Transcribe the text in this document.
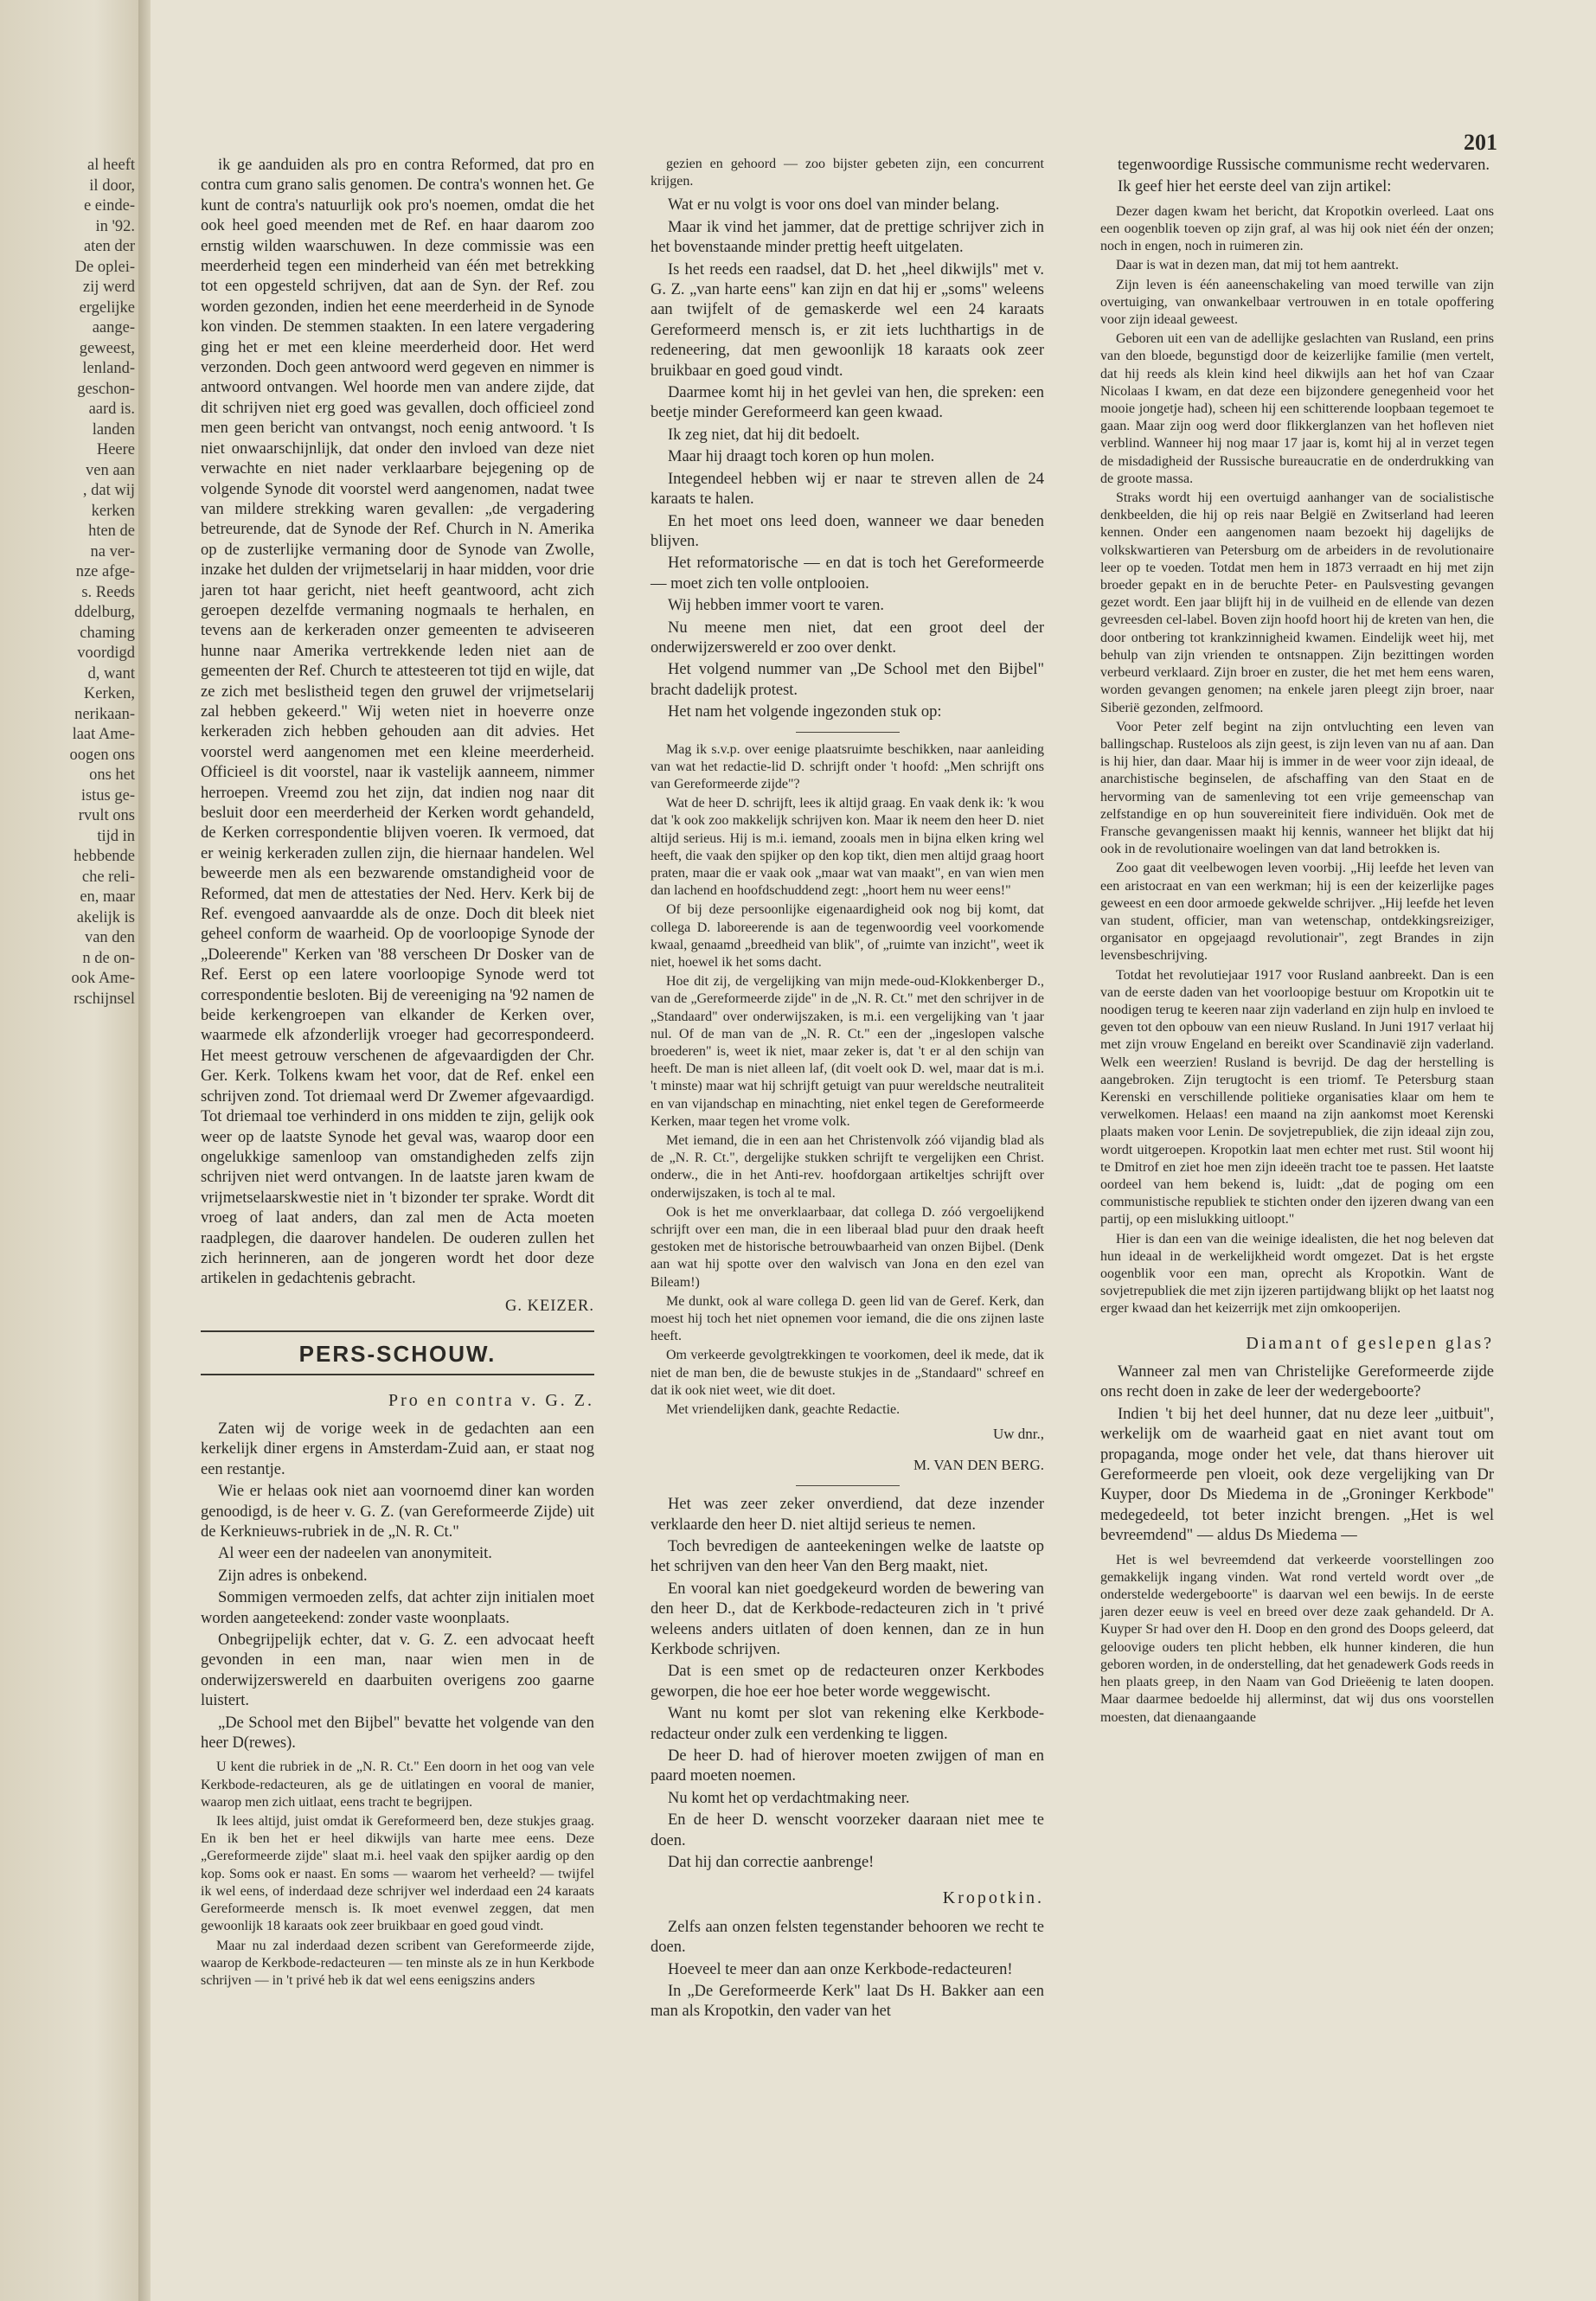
al heeft
il door,
e einde-
in '92.
aten der
De oplei-
zij werd
ergelijke
aange-
geweest,
lenland-
geschon-
aard is.
landen
Heere
ven aan
, dat wij
kerken
hten de
na ver-
nze afge-
s. Reeds
ddelburg,
chaming
voordigd
d, want
Kerken,
nerikaan-
laat Ame-
oogen ons
ons het
istus ge-
rvult ons
tijd in
hebbende
che reli-
en, maar
akelijk is
van den
n de on-
ook Ame-
rschijnsel
201

ik ge aanduiden als pro en contra Reformed, dat pro en contra cum grano salis genomen. De contra's wonnen het. Ge kunt de contra's natuurlijk ook pro's noemen, omdat die het ook heel goed meenden met de Ref. en haar daarom zoo ernstig wilden waarschuwen. In deze commissie was een meerderheid tegen een minderheid van één met betrekking tot een opgesteld schrijven, dat aan de Syn. der Ref. zou worden gezonden, indien het eene meerderheid in de Synode kon vinden. De stemmen staakten. In een latere vergadering ging het er met een kleine meerderheid door. Het werd verzonden. Doch geen antwoord werd gegeven en nimmer is antwoord ontvangen. Wel hoorde men van andere zijde, dat dit schrijven niet erg goed was gevallen, doch officieel zond men geen bericht van ontvangst, noch eenig antwoord. 't Is niet onwaarschijnlijk, dat onder den invloed van deze niet verwachte en niet nader verklaarbare bejegening op de volgende Synode dit voorstel werd aangenomen, nadat twee van mildere strekking waren gevallen: „de vergadering betreurende, dat de Synode der Ref. Church in N. Amerika op de zusterlijke vermaning door de Synode van Zwolle, inzake het dulden der vrijmetselarij in haar midden, voor drie jaren tot haar gericht, niet heeft geantwoord, acht zich geroepen dezelfde vermaning nogmaals te herhalen, en tevens aan de kerkeraden onzer gemeenten te adviseeren hunne naar Amerika vertrekkende leden niet aan de gemeenten der Ref. Church te attesteeren tot tijd en wijle, dat ze zich met beslistheid tegen den gruwel der vrijmetselarij zal hebben gekeerd." Wij weten niet in hoeverre onze kerkeraden zich hebben gehouden aan dit advies. Het voorstel werd aangenomen met een kleine meerderheid. Officieel is dit voorstel, naar ik vastelijk aanneem, nimmer herroepen. Vreemd zou het zijn, dat indien nog naar dit besluit door een meerderheid der Kerken wordt gehandeld, de Kerken correspondentie blijven voeren. Ik vermoed, dat er weinig kerkeraden zullen zijn, die hiernaar handelen. Wel beweerde men als een bezwarende omstandigheid voor de Reformed, dat men de attestaties der Ned. Herv. Kerk bij de Ref. evengoed aanvaardde als de onze. Doch dit bleek niet geheel conform de waarheid. Op de voorloopige Synode der „Doleerende" Kerken van '88 verscheen Dr Dosker van de Ref. Eerst op een latere voorloopige Synode werd tot correspondentie besloten. Bij de vereeniging na '92 namen de beide kerkengroepen van elkander de Kerken over, waarmede elk afzonderlijk vroeger had gecorrespondeerd. Het meest getrouw verschenen de afgevaardigden der Chr. Ger. Kerk. Tolkens kwam het voor, dat de Ref. enkel een schrijven zond. Tot driemaal werd Dr Zwemer afgevaardigd. Tot driemaal toe verhinderd in ons midden te zijn, gelijk ook weer op de laatste Synode het geval was, waarop door een ongelukkige samenloop van omstandigheden zelfs zijn schrijven niet werd ontvangen. In de laatste jaren kwam de vrijmetselaarskwestie niet in 't bizonder ter sprake. Wordt dit vroeg of laat anders, dan zal men de Acta moeten raadplegen, die daarover handelen. De ouderen zullen het zich herinneren, aan de jongeren wordt het door deze artikelen in gedachtenis gebracht.

G. KEIZER.
PERS-SCHOUW.
Pro en contra v. G. Z.

Zaten wij de vorige week in de gedachten aan een kerkelijk diner ergens in Amsterdam-Zuid aan, er staat nog een restantje.

Wie er helaas ook niet aan voornoemd diner kan worden genoodigd, is de heer v. G. Z. (van Gereformeerde Zijde) uit de Kerknieuws-rubriek in de „N. R. Ct."

Al weer een der nadeelen van anonymiteit.

Zijn adres is onbekend.

Sommigen vermoeden zelfs, dat achter zijn initialen moet worden aangeteekend: zonder vaste woonplaats.

Onbegrijpelijk echter, dat v. G. Z. een advocaat heeft gevonden in een man, naar wien men in de onderwijzerswereld en daarbuiten overigens zoo gaarne luistert.

„De School met den Bijbel" bevatte het volgende van den heer D(rewes).

U kent die rubriek in de „N. R. Ct." Een doorn in het oog van vele Kerkbode-redacteuren, als ge de uitlatingen en vooral de manier, waarop men zich uitlaat, eens tracht te begrijpen.

Ik lees altijd, juist omdat ik Gereformeerd ben, deze stukjes graag. En ik ben het er heel dikwijls van harte mee eens. Deze „Gereformeerde zijde" slaat m.i. heel vaak den spijker aardig op den kop. Soms ook er naast. En soms — waarom het verheeld? — twijfel ik wel eens, of inderdaad deze schrijver wel inderdaad een 24 karaats Gereformeerde mensch is. Ik moet evenwel zeggen, dat men gewoonlijk 18 karaats ook zeer bruikbaar en goed goud vindt.

Maar nu zal inderdaad dezen scribent van Gereformeerde zijde, waarop de Kerkbode-redacteuren — ten minste als ze in hun Kerkbode schrijven — in 't privé heb ik dat wel eens eenigszins anders

gezien en gehoord — zoo bijster gebeten zijn, een concurrent krijgen.

Wat er nu volgt is voor ons doel van minder belang.

Maar ik vind het jammer, dat de prettige schrijver zich in het bovenstaande minder prettig heeft uitgelaten.

Is het reeds een raadsel, dat D. het „heel dikwijls" met v. G. Z. „van harte eens" kan zijn en dat hij er „soms" weleens aan twijfelt of de gemaskerde wel een 24 karaats Gereformeerd mensch is, er zit iets luchthartigs in de redeneering, dat men gewoonlijk 18 karaats ook zeer bruikbaar en goed goud vindt.

Daarmee komt hij in het gevlei van hen, die spreken: een beetje minder Gereformeerd kan geen kwaad.

Ik zeg niet, dat hij dit bedoelt.

Maar hij draagt toch koren op hun molen.

Integendeel hebben wij er naar te streven allen de 24 karaats te halen.

En het moet ons leed doen, wanneer we daar beneden blijven.

Het reformatorische — en dat is toch het Gereformeerde — moet zich ten volle ontplooien.

Wij hebben immer voort te varen.

Nu meene men niet, dat een groot deel der onderwijzerswereld er zoo over denkt.

Het volgend nummer van „De School met den Bijbel" bracht dadelijk protest.

Het nam het volgende ingezonden stuk op:

Mag ik s.v.p. over eenige plaatsruimte beschikken, naar aanleiding van wat het redactie-lid D. schrijft onder 't hoofd: „Men schrijft ons van Gereformeerde zijde"?

Wat de heer D. schrijft, lees ik altijd graag. En vaak denk ik: 'k wou dat 'k ook zoo makkelijk schrijven kon. Maar ik neem den heer D. niet altijd serieus. Hij is m.i. iemand, zooals men in bijna elken kring wel heeft, die vaak den spijker op den kop tikt, dien men altijd graag hoort praten, maar die er vaak ook „maar wat van maakt", en van wien men dan lachend en hoofdschuddend zegt: „hoort hem nu weer eens!"

Of bij deze persoonlijke eigenaardigheid ook nog bij komt, dat collega D. laboreerende is aan de tegenwoordig veel voorkomende kwaal, genaamd „breedheid van blik", of „ruimte van inzicht", weet ik niet, hoewel ik het soms dacht.

Hoe dit zij, de vergelijking van mijn mede-oud-Klokkenberger D., van de „Gereformeerde zijde" in de „N. R. Ct." met den schrijver in de „Standaard" over onderwijszaken, is m.i. een vergelijking van 't jaar nul. Of de man van de „N. R. Ct." een der „ingeslopen valsche broederen" is, weet ik niet, maar zeker is, dat 't er al den schijn van heeft. De man is niet alleen laf, (dit voelt ook D. wel, maar dat is m.i. 't minste) maar wat hij schrijft getuigt van puur wereldsche neutraliteit en van vijandschap en minachting, niet enkel tegen de Gereformeerde Kerken, maar tegen het vrome volk.

Met iemand, die in een aan het Christenvolk zóó vijandig blad als de „N. R. Ct.", dergelijke stukken schrijft te vergelijken een Christ. onderw., die in het Anti-rev. hoofdorgaan artikeltjes schrijft over onderwijszaken, is toch al te mal.

Ook is het me onverklaarbaar, dat collega D. zóó vergoelijkend schrijft over een man, die in een liberaal blad puur den draak heeft gestoken met de historische betrouwbaarheid van onzen Bijbel. (Denk aan wat hij spotte over den walvisch van Jona en den ezel van Bileam!)

Me dunkt, ook al ware collega D. geen lid van de Geref. Kerk, dan moest hij toch het niet opnemen voor iemand, die die ons zijnen laste heeft.

Om verkeerde gevolgtrekkingen te voorkomen, deel ik mede, dat ik niet de man ben, die de bewuste stukjes in de „Standaard" schreef en dat ik ook niet weet, wie dit doet.

Met vriendelijken dank, geachte Redactie.

Uw dnr.,
M. VAN DEN BERG.

Het was zeer zeker onverdiend, dat deze inzender verklaarde den heer D. niet altijd serieus te nemen.

Toch bevredigen de aanteekeningen welke de laatste op het schrijven van den heer Van den Berg maakt, niet.

En vooral kan niet goedgekeurd worden de bewering van den heer D., dat de Kerkbode-redacteuren zich in 't privé weleens anders uitlaten of doen kennen, dan ze in hun Kerkbode schrijven.

Dat is een smet op de redacteuren onzer Kerkbodes geworpen, die hoe eer hoe beter worde weggewischt.

Want nu komt per slot van rekening elke Kerkbode-redacteur onder zulk een verdenking te liggen.

De heer D. had of hierover moeten zwijgen of man en paard moeten noemen.

Nu komt het op verdachtmaking neer.

En de heer D. wenscht voorzeker daaraan niet mee te doen.

Dat hij dan correctie aanbrenge!

Kropotkin.

Zelfs aan onzen felsten tegenstander behooren we recht te doen.

Hoeveel te meer dan aan onze Kerkbode-redacteuren!

In „De Gereformeerde Kerk" laat Ds H. Bakker aan een man als Kropotkin, den vader van het

tegenwoordige Russische communisme recht wedervaren.

Ik geef hier het eerste deel van zijn artikel:

Dezer dagen kwam het bericht, dat Kropotkin overleed. Laat ons een oogenblik toeven op zijn graf, al was hij ook niet één der onzen; noch in engen, noch in ruimeren zin.

Daar is wat in dezen man, dat mij tot hem aantrekt.

Zijn leven is één aaneenschakeling van moed terwille van zijn overtuiging, van onwankelbaar vertrouwen in en totale opoffering voor zijn ideaal geweest.

Geboren uit een van de adellijke geslachten van Rusland, een prins van den bloede, begunstigd door de keizerlijke familie (men vertelt, dat hij reeds als klein kind heel dikwijls aan het hof van Czaar Nicolaas I kwam, en dat deze een bijzondere genegenheid voor het mooie jongetje had), scheen hij een schitterende loopbaan tegemoet te gaan. Maar zijn oog werd door flikkerglanzen van het hofleven niet verblind. Wanneer hij nog maar 17 jaar is, komt hij al in verzet tegen de misdadigheid der Russische bureaucratie en de onderdrukking van de groote massa.

Straks wordt hij een overtuigd aanhanger van de socialistische denkbeelden, die hij op reis naar België en Zwitserland had leeren kennen. Onder een aangenomen naam bezoekt hij dagelijks de volkskwartieren van Petersburg om de arbeiders in de revolutionaire leer op te voeden. Totdat men hem in 1873 verraadt en hij met zijn broeder gepakt en in de beruchte Peter- en Paulsvesting gevangen gezet wordt. Een jaar blijft hij in de vuilheid en de ellende van dezen gevreesden cel-label. Boven zijn hoofd hoort hij de kreten van hen, die door ontbering tot krankzinnigheid kwamen. Eindelijk weet hij, met behulp van zijn vrienden te ontsnappen. Zijn bezittingen worden verbeurd verklaard. Zijn broer en zuster, die het met hem eens waren, worden gevangen genomen; na enkele jaren pleegt zijn broer, naar Siberië gezonden, zelfmoord.

Voor Peter zelf begint na zijn ontvluchting een leven van ballingschap. Rusteloos als zijn geest, is zijn leven van nu af aan. Dan is hij hier, dan daar. Maar hij is immer in de weer voor zijn ideaal, de anarchistische beginselen, de afschaffing van den Staat en de hervorming van de samenleving tot een vrije gemeenschap van zelfstandige en op hun souvereiniteit fiere individuën. Ook met de Fransche gevangenissen maakt hij kennis, wanneer het blijkt dat hij ook in de revolutionaire woelingen van dat land betrokken is.

Zoo gaat dit veelbewogen leven voorbij. „Hij leefde het leven van een aristocraat en van een werkman; hij is een der keizerlijke pages geweest en een door armoede gekwelde schrijver. „Hij leefde het leven van student, officier, man van wetenschap, ontdekkingsreiziger, organisator en opgejaagd revolutionair", zegt Brandes in zijn levensbeschrijving.

Totdat het revolutiejaar 1917 voor Rusland aanbreekt. Dan is een van de eerste daden van het voorloopige bestuur om Kropotkin uit te noodigen terug te keeren naar zijn vaderland en zijn hulp en invloed te geven tot den opbouw van een nieuw Rusland. In Juni 1917 verlaat hij met zijn vrouw Engeland en bereikt over Scandinavië zijn vaderland. Welk een weerzien! Rusland is bevrijd. De dag der herstelling is aangebroken. Zijn terugtocht is een triomf. Te Petersburg staan Kerenski en verschillende politieke organisaties klaar om hem te verwelkomen. Helaas! een maand na zijn aankomst moet Kerenski plaats maken voor Lenin. De sovjetrepubliek, die zijn ideaal zijn zou, wordt uitgeroepen. Kropotkin laat men echter met rust. Stil woont hij te Dmitrof en ziet hoe men zijn ideeën tracht toe te passen. Het laatste oordeel van hem bekend is, luidt: „dat de poging om een communistische republiek te stichten onder den ijzeren dwang van een partij, op een mislukking uitloopt."

Hier is dan een van die weinige idealisten, die het nog beleven dat hun ideaal in de werkelijkheid wordt omgezet. Dat is het ergste oogenblik voor een man, oprecht als Kropotkin. Want de sovjetrepubliek die met zijn ijzeren partijdwang blijkt op het laatst nog erger kwaad dan het keizerrijk met zijn omkooperijen.

Diamant of geslepen glas?

Wanneer zal men van Christelijke Gereformeerde zijde ons recht doen in zake de leer der wedergeboorte?

Indien 't bij het deel hunner, dat nu deze leer „uitbuit", werkelijk om de waarheid gaat en niet avant tout om propaganda, moge onder het vele, dat thans hierover uit Gereformeerde pen vloeit, ook deze vergelijking van Dr Kuyper, door Ds Miedema in de „Groninger Kerkbode" medegedeeld, tot beter inzicht brengen. „Het is wel bevreemdend" — aldus Ds Miedema —

Het is wel bevreemdend dat verkeerde voorstellingen zoo gemakkelijk ingang vinden. Wat rond verteld wordt over „de onderstelde wedergeboorte" is daarvan wel een bewijs. In de eerste jaren dezer eeuw is veel en breed over deze zaak gehandeld. Dr A. Kuyper Sr had over den H. Doop en den grond des Doops geleerd, dat geloovige ouders ten plicht hebben, elk hunner kinderen, die hun geboren worden, in de onderstelling, dat het genadewerk Gods reeds in hen plaats greep, in den Naam van God Drieëenig te laten doopen. Maar daarmee bedoelde hij allerminst, dat wij dus ons voorstellen moesten, dat dienaangaande
